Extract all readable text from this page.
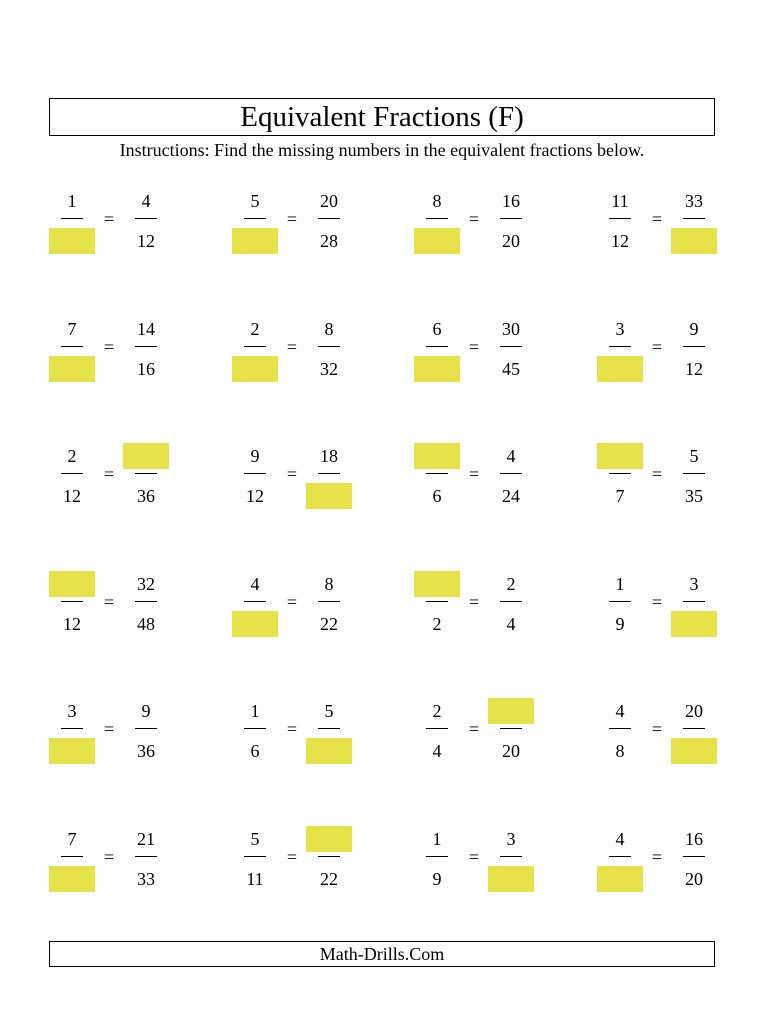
Equivalent Fractions (F)
Instructions: Find the missing numbers in the equivalent fractions below.
1
=
4
12
5
=
20
28
8
=
16
20
11
12
=
33
7
=
14
16
2
=
8
32
6
=
30
45
3
=
9
12
2
12
=
36
9
12
=
18
6
=
4
24	7
=
5
35
12
=
32
48
4
=
8
22	2
=
2
4
1
9
=
3
3
=
9
36
1
6
=
5	2
4
=
20
4
8
=
20
7
=
21
33
5
11
=
22
1
9
=
3	4
=
16
20
Math-Drills.Com
